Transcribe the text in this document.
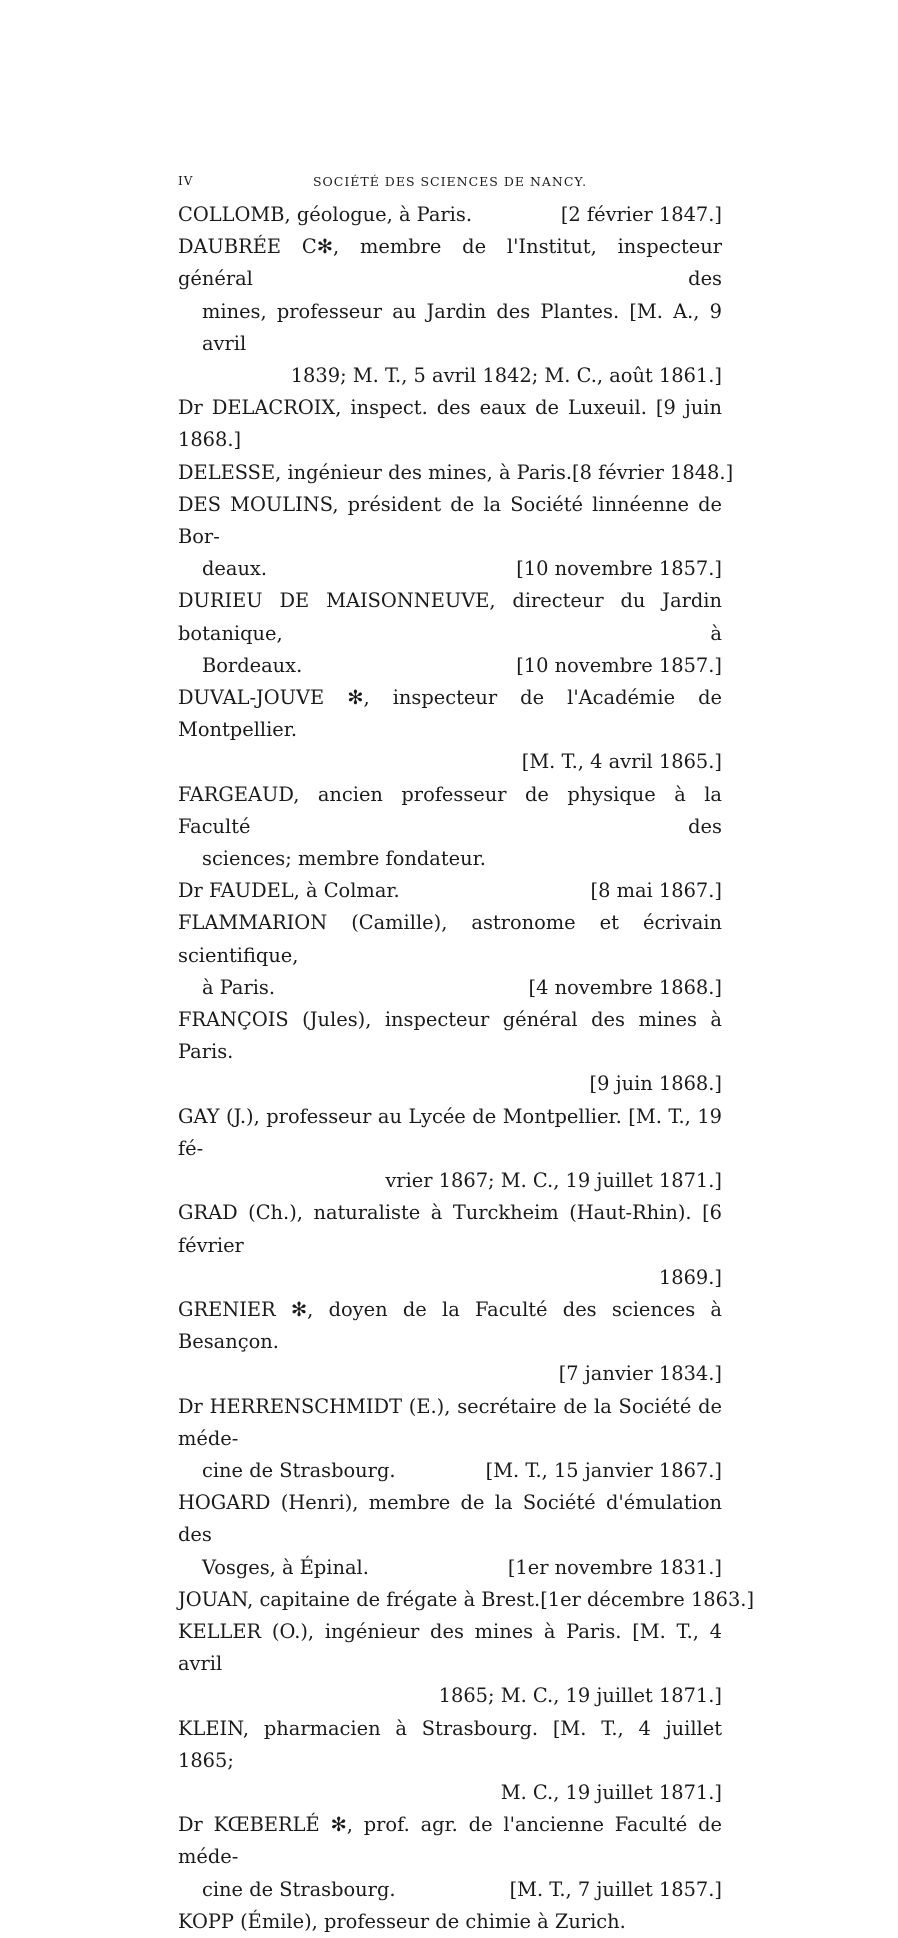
IV	SOCIÉTÉ DES SCIENCES DE NANCY.
COLLOMB, géologue, à Paris.	[2 février 1847.]
DAUBRÉE C✻, membre de l'Institut, inspecteur général des
mines, professeur au Jardin des Plantes. [M. A., 9 avril
1839; M. T., 5 avril 1842; M. C., août 1861.]
Dr DELACROIX, inspect. des eaux de Luxeuil. [9 juin 1868.]
DELESSE, ingénieur des mines, à Paris. [8 février 1848.]
DES MOULINS, président de la Société linnéenne de Bor-
deaux.	[10 novembre 1857.]
DURIEU DE MAISONNEUVE, directeur du Jardin botanique, à
Bordeaux.	[10 novembre 1857.]
DUVAL-JOUVE ✻, inspecteur de l'Académie de Montpellier.
[M. T., 4 avril 1865.]
FARGEAUD, ancien professeur de physique à la Faculté des
sciences; membre fondateur.
Dr FAUDEL, à Colmar.	[8 mai 1867.]
FLAMMARION (Camille), astronome et écrivain scientifique,
à Paris.	[4 novembre 1868.]
FRANÇOIS (Jules), inspecteur général des mines à Paris.
[9 juin 1868.]
GAY (J.), professeur au Lycée de Montpellier. [M. T., 19 fé-
vrier 1867; M. C., 19 juillet 1871.]
GRAD (Ch.), naturaliste à Turckheim (Haut-Rhin). [6 février
1869.]
GRENIER ✻, doyen de la Faculté des sciences à Besançon.
[7 janvier 1834.]
Dr HERRENSCHMIDT (E.), secrétaire de la Société de méde-
cine de Strasbourg.	[M. T., 15 janvier 1867.]
HOGARD (Henri), membre de la Société d'émulation des
Vosges, à Épinal.	[1er novembre 1831.]
JOUAN, capitaine de frégate à Brest. [1er décembre 1863.]
KELLER (O.), ingénieur des mines à Paris. [M. T., 4 avril
1865; M. C., 19 juillet 1871.]
KLEIN, pharmacien à Strasbourg. [M. T., 4 juillet 1865;
M. C., 19 juillet 1871.]
Dr KŒBERLÉ ✻, prof. agr. de l'ancienne Faculté de méde-
cine de Strasbourg.	[M. T., 7 juillet 1857.]
KOPP (Émile), professeur de chimie à Zurich.
